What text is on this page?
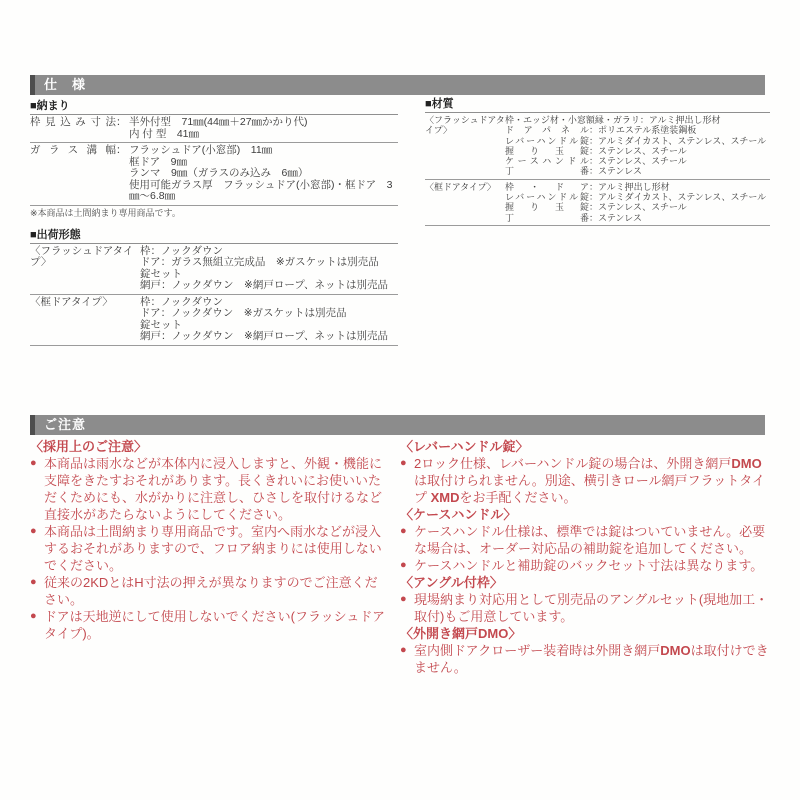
仕　様
■納まり
枠見込み寸法： 半外付型　71㎜(44㎜＋27㎜かかり代)
内 付 型　41㎜
ガラス溝幅： フラッシュドア(小窓部)　11㎜
框ドア　9㎜
ランマ　9㎜（ガラスのみ込み　6㎜）
使用可能ガラス厚　フラッシュドア(小窓部)・框ドア　3㎜～6.8㎜
※本商品は土間納まり専用商品です。
■出荷形態
〈フラッシュドアタイプ〉
枠：ノックダウン
ドア：ガラス無組立完成品　※ガスケットは別売品
錠セット
網戸：ノックダウン　※網戸ロープ、ネットは別売品
〈框ドアタイプ〉	枠：ノックダウン
ドア：ノックダウン　※ガスケットは別売品
錠セット
網戸：ノックダウン　※網戸ロープ、ネットは別売品
■材質
〈フラッシュドアタイプ〉
枠・エッジ材・小窓額縁・ガラリ：アルミ押出し形材
ドアパネル：ポリエステル系塗装鋼板
レバーハンドル錠：アルミダイカスト、ステンレス、スチール
握り玉錠：ステンレス、スチール
ケースハンドル：ステンレス、スチール
丁番：ステンレス
〈框ドアタイプ〉	枠・ドア：アルミ押出し形材
レバーハンドル錠：アルミダイカスト、ステンレス、スチール
握り玉錠：ステンレス、スチール
丁番：ステンレス
ご注意
〈採用上のご注意〉
● 本商品は雨水などが本体内に浸入しますと、外観・機能に支障をきたすおそれがあります。長くきれいにお使いいただくためにも、水がかりに注意し、ひさしを取付けるなど直接水があたらないようにしてください。
● 本商品は土間納まり専用商品です。室内へ雨水などが浸入するおそれがありますので、フロア納まりには使用しないでください。
● 従来の2KDとはH寸法の押えが異なりますのでご注意ください。
● ドアは天地逆にして使用しないでください(フラッシュドアタイプ)。
〈レバーハンドル錠〉
● 2ロック仕様、レバーハンドル錠の場合は、外開き網戸DMOは取付けられません。別途、横引きロール網戸フラットタイプ XMDをお手配ください。
〈ケースハンドル〉
● ケースハンドル仕様は、標準では錠はついていません。必要な場合は、オーダー対応品の補助錠を追加してください。
● ケースハンドルと補助錠のバックセット寸法は異なります。
〈アングル付枠〉
● 現場納まり対応用として別売品のアングルセット(現地加工・取付)もご用意しています。
〈外開き網戸DMO〉
● 室内側ドアクローザー装着時は外開き網戸DMOは取付けできません。
